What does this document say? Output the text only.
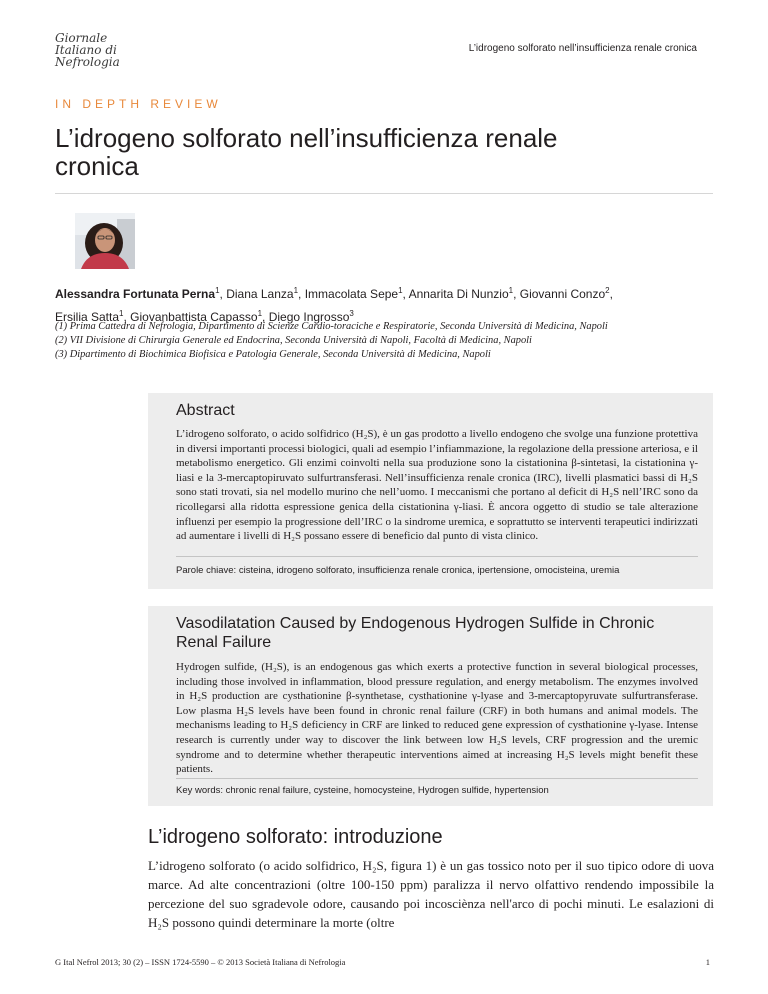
Giornale
Italiano di
Nefrologia
L’idrogeno solforato nell’insufficienza renale cronica
IN DEPTH REVIEW
L’idrogeno solforato nell’insufficienza renale cronica
Alessandra Fortunata Perna$^1$, Diana Lanza$^1$, Immacolata Sepe$^1$, Annarita Di Nunzio$^1$, Giovanni Conzo$^2$,
Ersilia Satta$^1$, Giovanbattista Capasso$^1$, Diego Ingrosso$^3$
(1) Prima Cattedra di Nefrologia, Dipartimento di Scienze Cardio-toraciche e Respiratorie, Seconda Università di Medicina, Napoli
(2) VII Divisione di Chirurgia Generale ed Endocrina, Seconda Università di Napoli, Facoltà di Medicina, Napoli
(3) Dipartimento di Biochimica Biofisica e Patologia Generale, Seconda Università di Medicina, Napoli
Abstract

L’idrogeno solforato, o acido solfidrico (H₂S), è un gas prodotto a livello endogeno che svolge una funzione protettiva in diversi importanti processi biologici, quali ad esempio l’infiammazione, la regolazione della pressione arteriosa, e il metabolismo energetico. Gli enzimi coinvolti nella sua produzione sono la cistationina β-sintetasi, la cistationina γ-liasi e la 3-mercaptopiruvato sulfurtransferasi. Nell’insufficienza renale cronica (IRC), livelli plasmatici bassi di H₂S sono stati trovati, sia nel modello murino che nell’uomo. I meccanismi che portano al deficit di H₂S nell’IRC sono da ricollegarsi alla ridotta espressione genica della cistationina γ-liasi. È ancora oggetto di studio se tale alterazione influenzi per esempio la progressione dell’IRC o la sindrome uremica, e soprattutto se interventi terapeutici indirizzati ad aumentare i livelli di H₂S possano essere di beneficio dal punto di vista clinico.

Parole chiave: cisteina, idrogeno solforato, insufficienza renale cronica, ipertensione, omocisteina, uremia
Vasodilatation Caused by Endogenous Hydrogen Sulfide in Chronic Renal Failure

Hydrogen sulfide, (H₂S), is an endogenous gas which exerts a protective function in several biological processes, including those involved in inflammation, blood pressure regulation, and energy metabolism. The enzymes involved in H₂S production are cysthationine β-synthetase, cysthationine γ-lyase and 3-mercaptopyruvate sulfurtransferase. Low plasma H₂S levels have been found in chronic renal failure (CRF) in both humans and animal models. The mechanisms leading to H₂S deficiency in CRF are linked to reduced gene expression of cysthationine γ-lyase. Intense research is currently under way to discover the link between low H₂S levels, CRF progression and the uremic syndrome and to determine whether therapeutic interventions aimed at increasing H₂S levels might benefit these patients.

Key words: chronic renal failure, cysteine, homocysteine, Hydrogen sulfide, hypertension
L’idrogeno solforato: introduzione

L’idrogeno solforato (o acido solfidrico, H₂S, figura 1) è un gas tossico noto per il suo tipico odore di uova marce. Ad alte concentrazioni (oltre 100-150 ppm) paralizza il nervo olfattivo rendendo impossibile la percezione del suo sgradevole odore, causando poi incosciènza nell'arco di pochi minuti. Le esalazioni di H₂S possono quindi determinare la morte (oltre

G Ital Nefrol 2013; 30 (2) – ISSN 1724-5590 – © 2013 Società Italiana di Nefrologia	1
